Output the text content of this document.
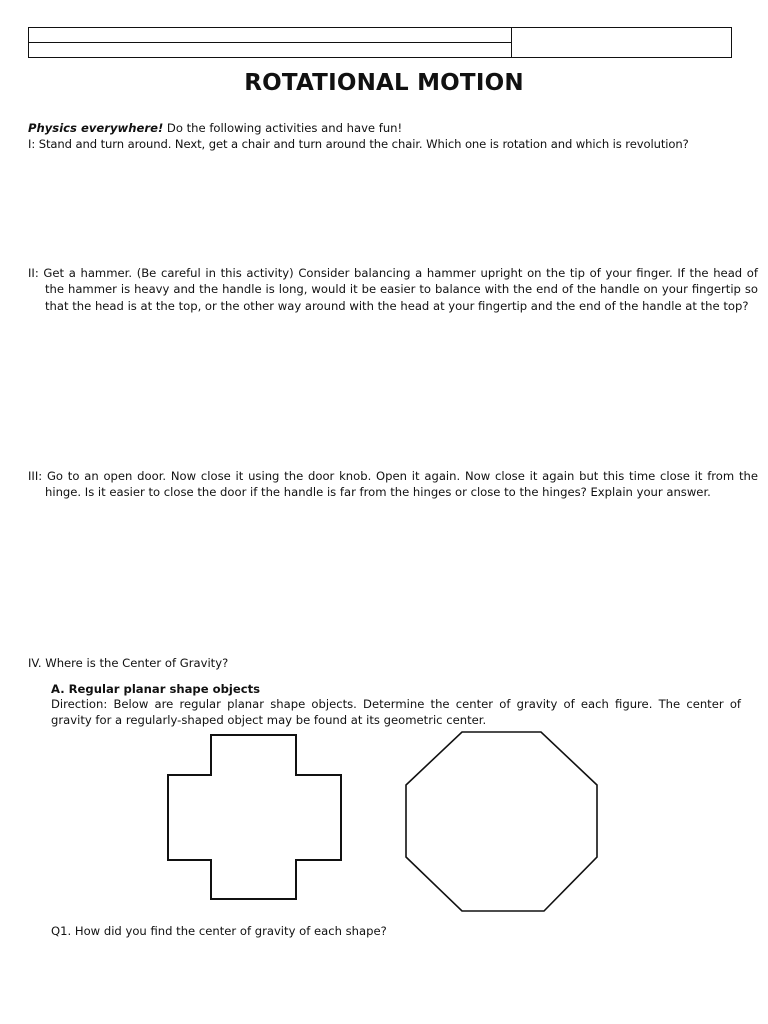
ROTATIONAL MOTION
Physics everywhere! Do the following activities and have fun!
I: Stand and turn around. Next, get a chair and turn around the chair. Which one is rotation and which is revolution?
II: Get a hammer. (Be careful in this activity) Consider balancing a hammer upright on the tip of your finger. If the head of the hammer is heavy and the handle is long, would it be easier to balance with the end of the handle on your fingertip so that the head is at the top, or the other way around with the head at your fingertip and the end of the handle at the top?
III: Go to an open door. Now close it using the door knob. Open it again. Now close it again but this time close it from the hinge. Is it easier to close the door if the handle is far from the hinges or close to the hinges? Explain your answer.
IV. Where is the Center of Gravity?
A. Regular planar shape objects
Direction: Below are regular planar shape objects. Determine the center of gravity of each figure. The center of gravity for a regularly-shaped object may be found at its geometric center.
Q1. How did you find the center of gravity of each shape?
